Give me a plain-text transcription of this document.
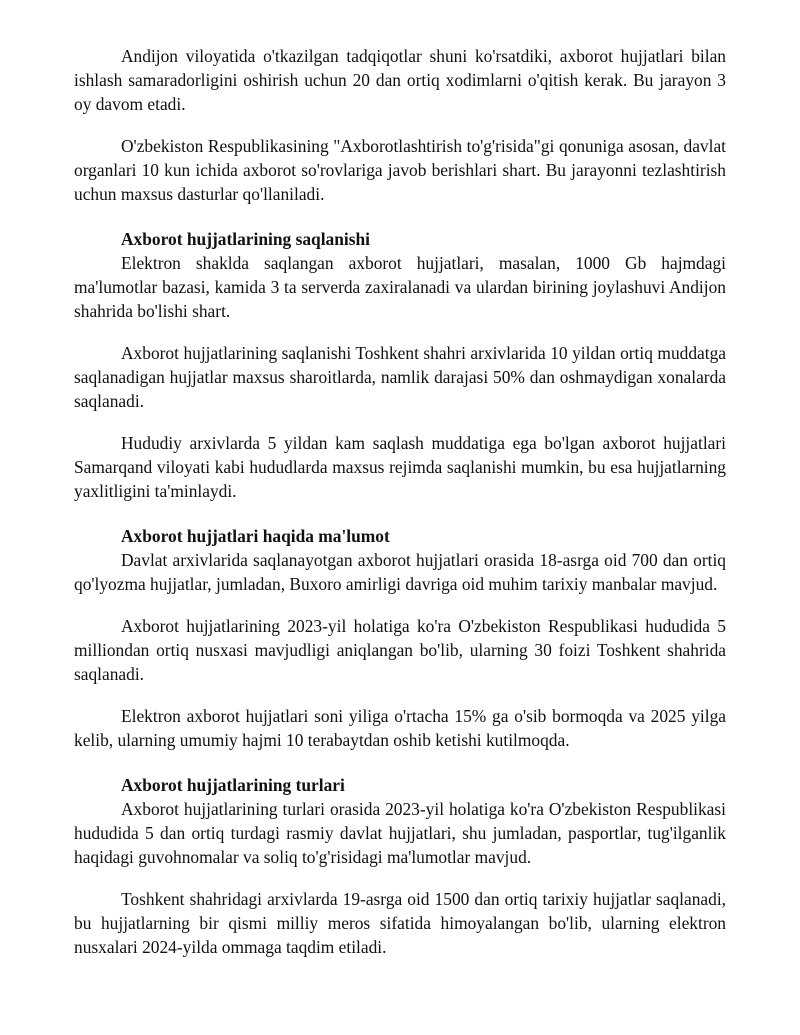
Andijon viloyatida o'tkazilgan tadqiqotlar shuni ko'rsatdiki, axborot hujjatlari bilan ishlash samaradorligini oshirish uchun 20 dan ortiq xodimlarni o'qitish kerak. Bu jarayon 3 oy davom etadi.

O'zbekiston Respublikasining "Axborotlashtirish to'g'risida"gi qonuniga asosan, davlat organlari 10 kun ichida axborot so'rovlariga javob berishlari shart. Bu jarayonni tezlashtirish uchun maxsus dasturlar qo'llaniladi.

Axborot hujjatlarining saqlanishi

Elektron shaklda saqlangan axborot hujjatlari, masalan, 1000 Gb hajmdagi ma'lumotlar bazasi, kamida 3 ta serverda zaxiralanadi va ulardan birining joylashuvi Andijon shahrida bo'lishi shart.

Axborot hujjatlarining saqlanishi Toshkent shahri arxivlarida 10 yildan ortiq muddatga saqlanadigan hujjatlar maxsus sharoitlarda, namlik darajasi 50% dan oshmaydigan xonalarda saqlanadi.

Hududiy arxivlarda 5 yildan kam saqlash muddatiga ega bo'lgan axborot hujjatlari Samarqand viloyati kabi hududlarda maxsus rejimda saqlanishi mumkin, bu esa hujjatlarning yaxlitligini ta'minlaydi.

Axborot hujjatlari haqida ma'lumot

Davlat arxivlarida saqlanayotgan axborot hujjatlari orasida 18-asrga oid 700 dan ortiq qo'lyozma hujjatlar, jumladan, Buxoro amirligi davriga oid muhim tarixiy manbalar mavjud.

Axborot hujjatlarining 2023-yil holatiga ko'ra O'zbekiston Respublikasi hududida 5 milliondan ortiq nusxasi mavjudligi aniqlangan bo'lib, ularning 30 foizi Toshkent shahrida saqlanadi.

Elektron axborot hujjatlari soni yiliga o'rtacha 15% ga o'sib bormoqda va 2025 yilga kelib, ularning umumiy hajmi 10 terabaytdan oshib ketishi kutilmoqda.

Axborot hujjatlarining turlari

Axborot hujjatlarining turlari orasida 2023-yil holatiga ko'ra O'zbekiston Respublikasi hududida 5 dan ortiq turdagi rasmiy davlat hujjatlari, shu jumladan, pasportlar, tug'ilganlik haqidagi guvohnomalar va soliq to'g'risidagi ma'lumotlar mavjud.

Toshkent shahridagi arxivlarda 19-asrga oid 1500 dan ortiq tarixiy hujjatlar saqlanadi, bu hujjatlarning bir qismi milliy meros sifatida himoyalangan bo'lib, ularning elektron nusxalari 2024-yilda ommaga taqdim etiladi.
